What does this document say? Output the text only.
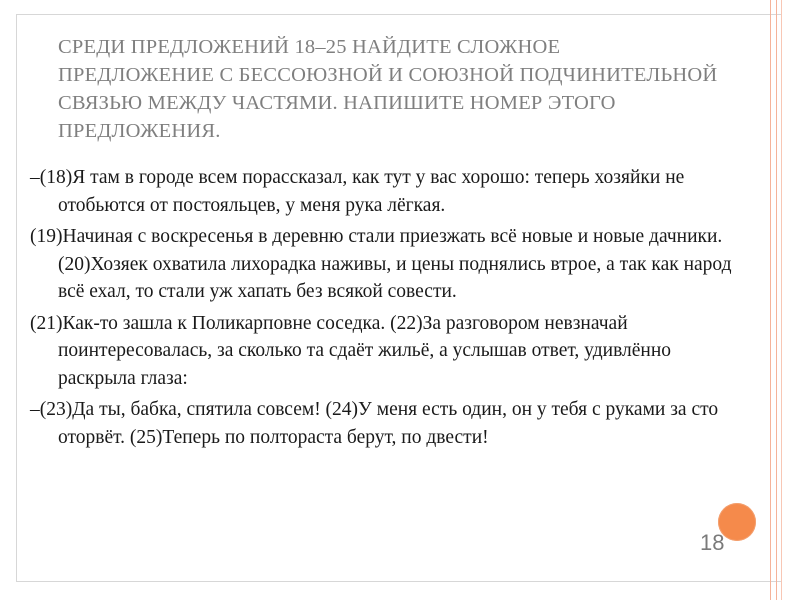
СРЕДИ ПРЕДЛОЖЕНИЙ 18–25 НАЙДИТЕ СЛОЖНОЕ ПРЕДЛОЖЕНИЕ С БЕССОЮЗНОЙ И СОЮЗНОЙ ПОДЧИНИТЕЛЬНОЙ СВЯЗЬЮ МЕЖДУ ЧАСТЯМИ. НАПИШИТЕ НОМЕР ЭТОГО ПРЕДЛОЖЕНИЯ.

–(18)Я там в городе всем порассказал, как тут у вас хорошо: теперь хозяйки не отобьются от постояльцев, у меня рука лёгкая.

(19)Начиная с воскресенья в деревню стали приезжать всё новые и новые дачники. (20)Хозяек охватила лихорадка наживы, и цены поднялись втрое, а так как народ всё ехал, то стали уж хапать без всякой совести.

(21)Как-то зашла к Поликарповне соседка. (22)За разговором невзначай поинтересовалась, за сколько та сдаёт жильё, а услышав ответ, удивлённо раскрыла глаза:

–(23)Да ты, бабка, спятила совсем! (24)У меня есть один, он у тебя с руками за сто оторвёт. (25)Теперь по полтораста берут, по двести!

18
